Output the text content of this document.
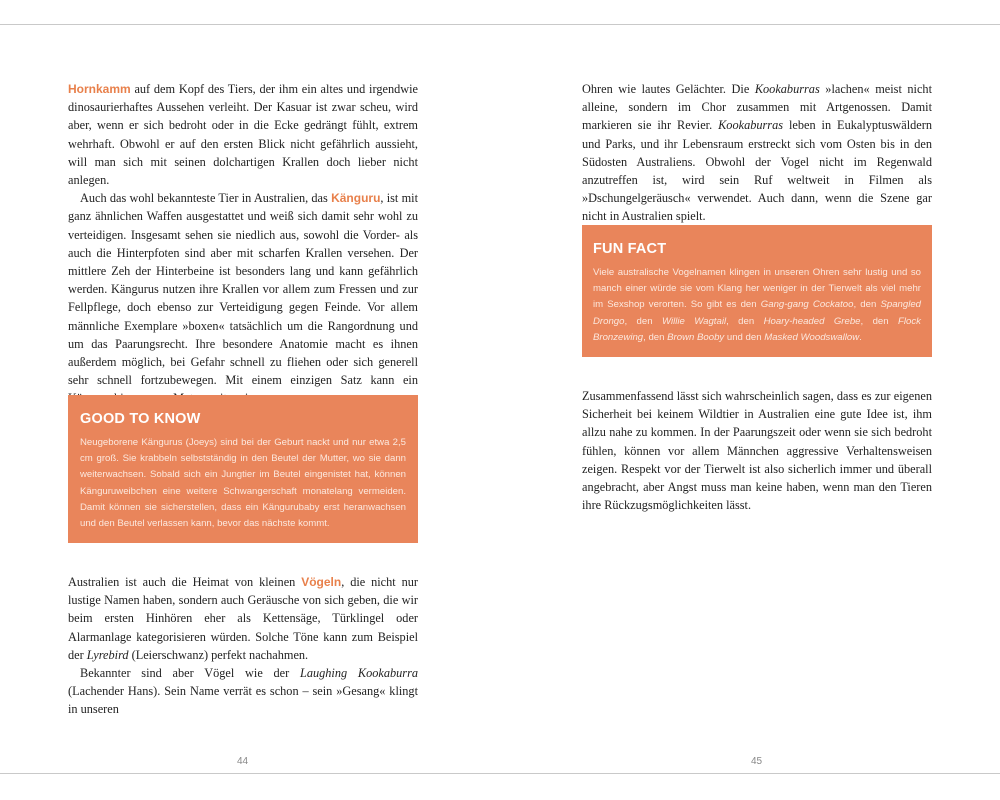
Hornkamm auf dem Kopf des Tiers, der ihm ein altes und irgendwie dinosaurierhaftes Aussehen verleiht. Der Kasuar ist zwar scheu, wird aber, wenn er sich bedroht oder in die Ecke gedrängt fühlt, extrem wehrhaft. Obwohl er auf den ersten Blick nicht gefährlich aussieht, will man sich mit seinen dolchartigen Krallen doch lieber nicht anlegen.

Auch das wohl bekannteste Tier in Australien, das Känguru, ist mit ganz ähnlichen Waffen ausgestattet und weiß sich damit sehr wohl zu verteidigen. Insgesamt sehen sie niedlich aus, sowohl die Vorder- als auch die Hinterpfoten sind aber mit scharfen Krallen versehen. Der mittlere Zeh der Hinterbeine ist besonders lang und kann gefährlich werden. Kängurus nutzen ihre Krallen vor allem zum Fressen und zur Fellpflege, doch ebenso zur Verteidigung gegen Feinde. Vor allem männliche Exemplare »boxen« tatsächlich um die Rangordnung und um das Paarungsrecht. Ihre besondere Anatomie macht es ihnen außerdem möglich, bei Gefahr schnell zu fliehen oder sich generell sehr schnell fortzubewegen. Mit einem einzigen Satz kann ein

GOOD TO KNOW
Neugeborene Kängurus (Joeys) sind bei der Geburt nackt und nur etwa 2,5 cm groß. Sie krabbeln selbstständig in den Beutel der Mutter, wo sie dann weiterwachsen. Sobald sich ein Jungtier im Beutel eingenistet hat, können Känguruweibchen eine weitere Schwangerschaft monatelang vermeiden. Damit können sie sicherstellen, dass ein Kängurubaby erst heranwachsen und den Beutel verlassen kann, bevor das nächste kommt.

Australien ist auch die Heimat von kleinen Vögeln, die nicht nur lustige Namen haben, sondern auch Geräusche von sich geben, die wir beim ersten Hinhören eher als Kettensäge, Türklingel oder Alarmanlage kategorisieren würden. Solche Töne kann zum Beispiel der Lyrebird (Leierschwanz) perfekt nachahmen.

Bekannter sind aber Vögel wie der Laughing Kookaburra (Lachender Hans). Sein Name verrät es schon – sein »Gesang« klingt in unseren

44

Ohren wie lautes Gelächter. Die Kookaburras »lachen« meist nicht alleine, sondern im Chor zusammen mit Artgenossen. Damit markieren sie ihr Revier. Kookaburras leben in Eukalyptuswäldern und Parks, und ihr Lebensraum erstreckt sich vom Osten bis in den Südosten Australiens. Obwohl der Vogel nicht im Regenwald anzutreffen ist, wird sein Ruf weltweit in Filmen als »Dschungelgeräusch« verwendet. Auch dann, wenn die Szene gar nicht in Australien spielt.

FUN FACT
Viele australische Vogelnamen klingen in unseren Ohren sehr lustig und so manch einer würde sie vom Klang her weniger in der Tierwelt als viel mehr im Sexshop verorten. So gibt es den Gang-gang Cockatoo, den Spangled Drongo, den Willie Wagtail, den Hoary-headed Grebe, den Flock Bronzewing, den Brown Booby und den Masked Woodswallow.

Zusammenfassend lässt sich wahrscheinlich sagen, dass es zur eigenen Sicherheit bei keinem Wildtier in Australien eine gute Idee ist, ihm allzu nahe zu kommen. In der Paarungszeit oder wenn sie sich bedroht fühlen, können vor allem Männchen aggressive Verhaltensweisen zeigen. Respekt vor der Tierwelt ist also sicherlich immer und überall angebracht, aber Angst muss man keine haben, wenn man den Tieren ihre Rückzugsmöglichkeiten lässt.

45
